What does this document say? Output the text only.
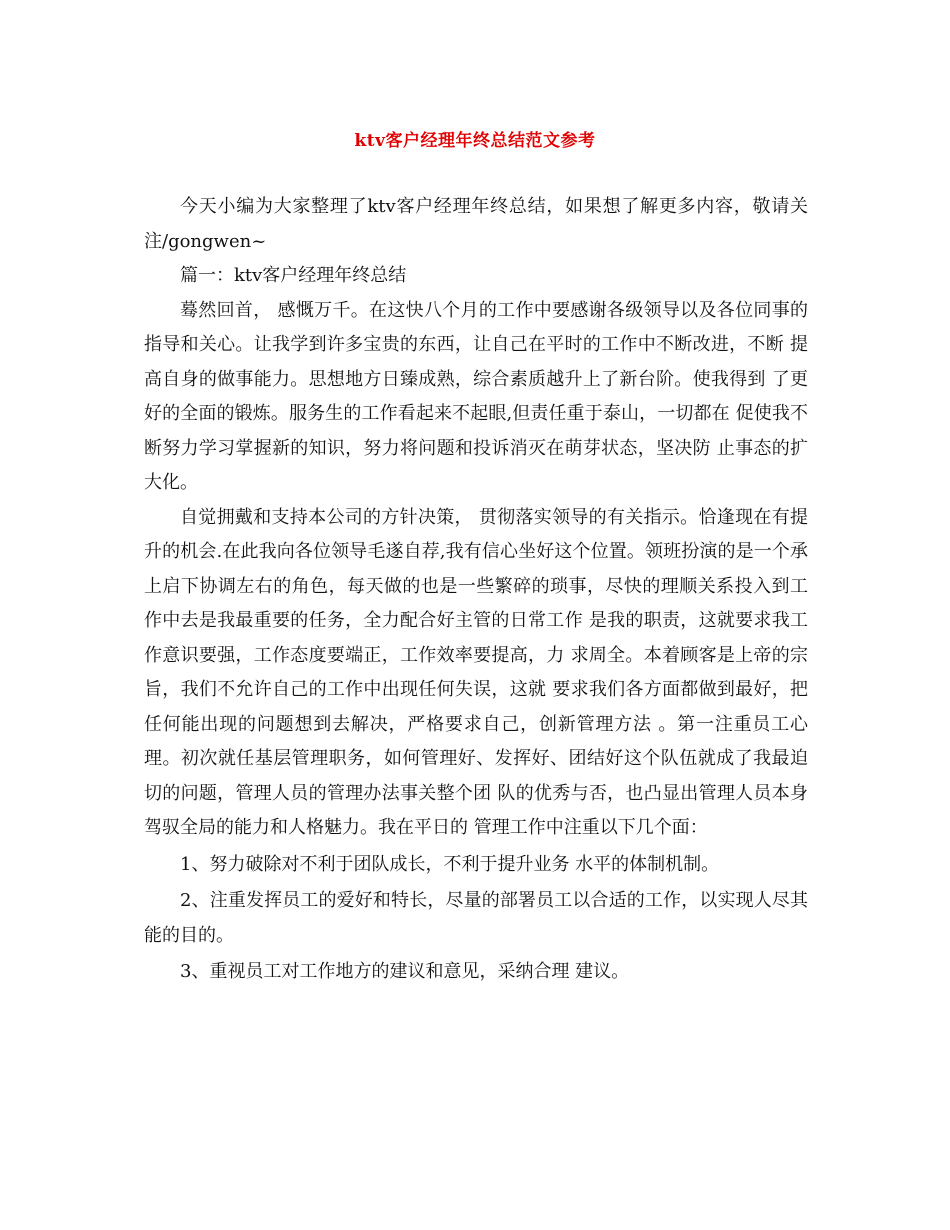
ktv客户经理年终总结范文参考

今天小编为大家整理了ktv客户经理年终总结，如果想了解更多内容，敬请关注/gongwen~

篇一：ktv客户经理年终总结

蓦然回首， 感慨万千。在这快八个月的工作中要感谢各级领导以及各位同事的 指导和关心。让我学到许多宝贵的东西，让自己在平时的工作中不断改进，不断 提高自身的做事能力。思想地方日臻成熟，综合素质越升上了新台阶。使我得到 了更好的全面的锻炼。服务生的工作看起来不起眼,但责任重于泰山，一切都在 促使我不断努力学习掌握新的知识，努力将问题和投诉消灭在萌芽状态，坚决防 止事态的扩大化。

自觉拥戴和支持本公司的方针决策， 贯彻落实领导的有关指示。恰逢现在有提升的机会.在此我向各位领导毛遂自荐,我有信心坐好这个位置。领班扮演的是一个承上启下协调左右的角色，每天做的也是一些繁碎的琐事，尽快的理顺关系投入到工作中去是我最重要的任务，全力配合好主管的日常工作 是我的职责，这就要求我工作意识要强，工作态度要端正，工作效率要提高，力 求周全。本着顾客是上帝的宗旨，我们不允许自己的工作中出现任何失误，这就 要求我们各方面都做到最好，把任何能出现的问题想到去解决，严格要求自己，创新管理方法 。第一注重员工心理。初次就任基层管理职务，如何管理好、发挥好、团结好这个队伍就成了我最迫切的问题，管理人员的管理办法事关整个团 队的优秀与否，也凸显出管理人员本身驾驭全局的能力和人格魅力。我在平日的 管理工作中注重以下几个面：

1、努力破除对不利于团队成长，不利于提升业务 水平的体制机制。

2、注重发挥员工的爱好和特长，尽量的部署员工以合适的工作，以实现人尽其能的目的。

3、重视员工对工作地方的建议和意见，采纳合理 建议。
